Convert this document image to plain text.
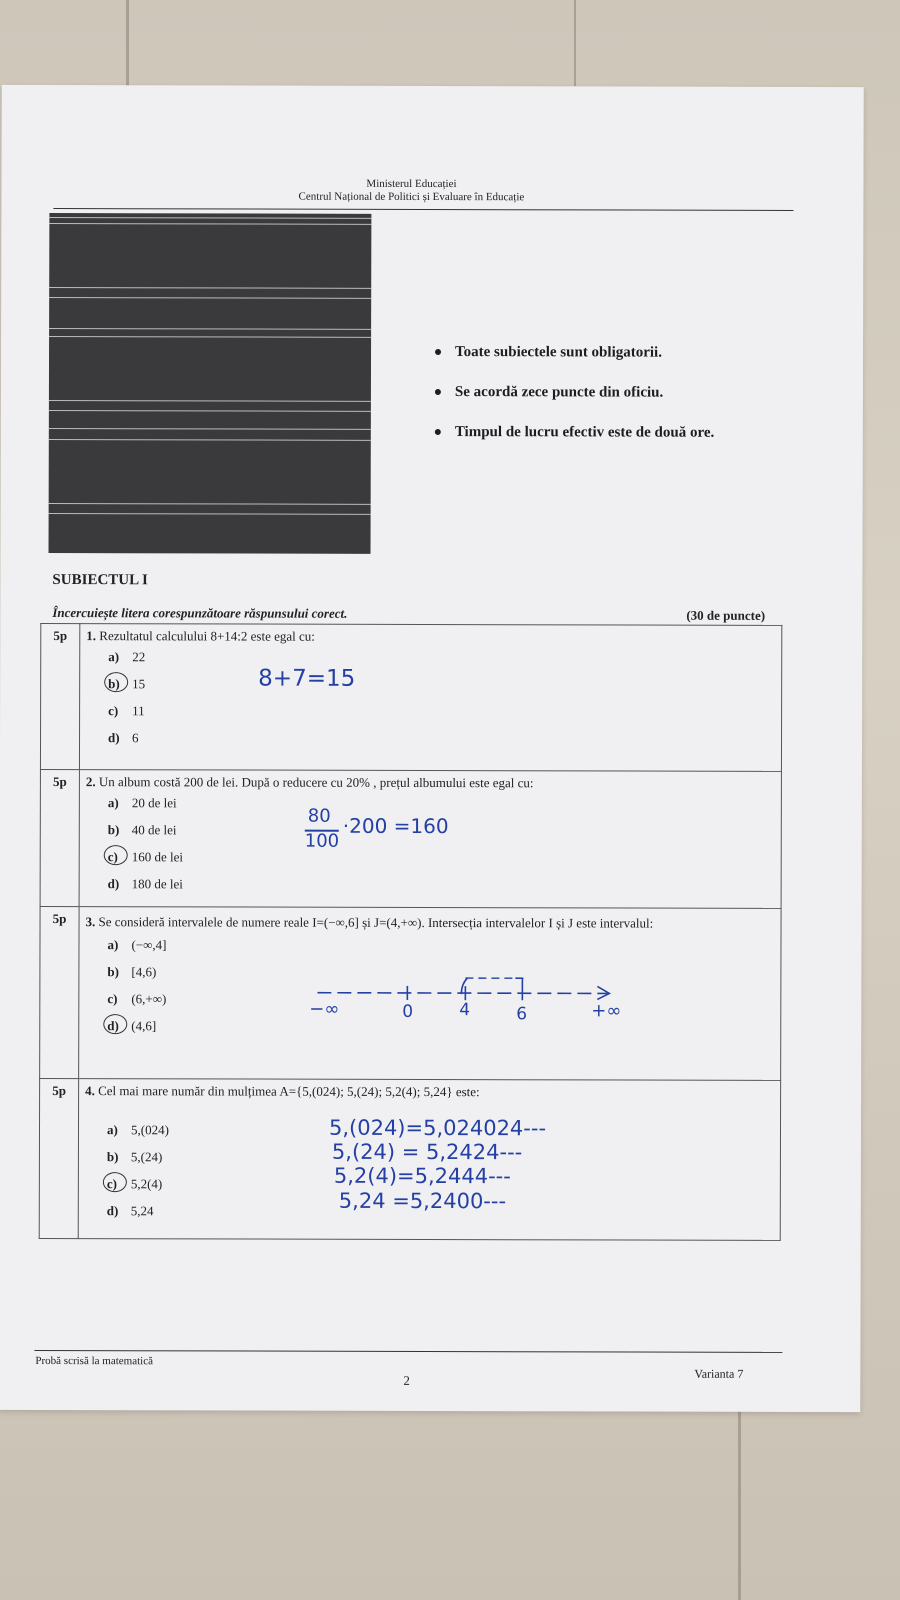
Ministerul Educației
Centrul Național de Politici și Evaluare în Educație
Toate subiectele sunt obligatorii.
Se acordă zece puncte din oficiu.
Timpul de lucru efectiv este de două ore.
SUBIECTUL I
Încercuiește litera corespunzătoare răspunsului corect.	(30 de puncte)
5p	1. Rezultatul calculului 8+14:2 este egal cu:
a) 22
b) 15
c) 11
d) 6

5p	2. Un album costă 200 de lei. După o reducere cu 20% , prețul albumului este egal cu:
a) 20 de lei
b) 40 de lei
c) 160 de lei
d) 180 de lei

5p	3. Se consideră intervalele de numere reale I=(−∞,6] și J=(4,+∞). Intersecția intervalelor I și J este intervalul:
a) (−∞,4]
b) [4,6)
c) (6,+∞)
d) (4,6]

5p	4. Cel mai mare număr din mulțimea A={5,(024); 5,(24); 5,2(4); 5,24} este:
a) 5,(024)
b) 5,(24)
c) 5,2(4)
d) 5,24
8+7=15
80
100
·200 =160
−∞	0	4	6	+∞
5,(024)=5,024024---
5,(24) = 5,2424---
5,2(4)=5,2444---
5,24 =5,2400---
Probă scrisă la matematică
Varianta 7
2
